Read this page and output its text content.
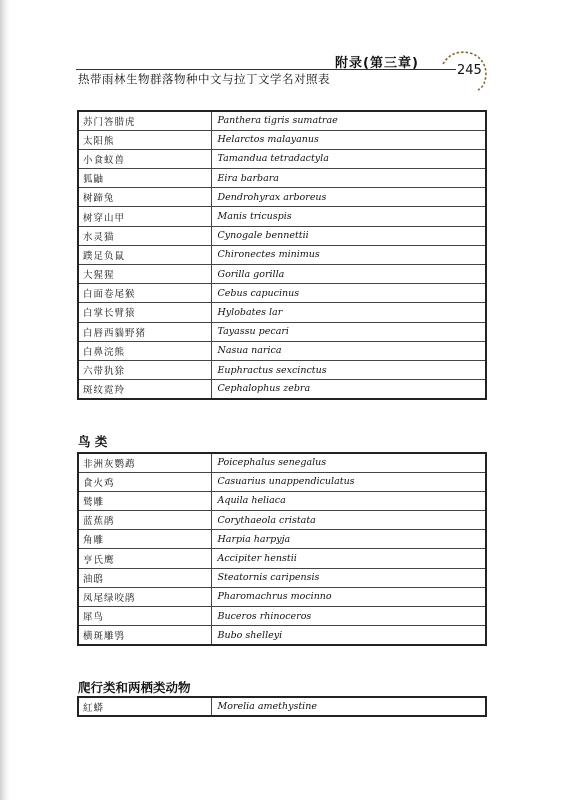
附录(第三章)
热带雨林生物群落物种中文与拉丁文学名对照表
245
苏门答腊虎	Panthera tigris sumatrae
太阳熊	Helarctos malayanus
小食蚁兽	Tamandua tetradactyla
狐鼬	Eira barbara
树蹄兔	Dendrohyrax arboreus
树穿山甲	Manis tricuspis
水灵猫	Cynogale bennettii
蹼足负鼠	Chironectes minimus
大猩猩	Gorilla gorilla
白面卷尾猴	Cebus capucinus
白掌长臂猿	Hylobates lar
白唇西貒野猪	Tayassu pecari
白鼻浣熊	Nasua narica
六带犰狳	Euphractus sexcinctus
斑纹霓羚	Cephalophus zebra
鸟 类
非洲灰鹦鹉	Poicephalus senegalus
食火鸡	Casuarius unappendiculatus
鹫雕	Aquila heliaca
蓝蕉鹃	Corythaeola cristata
角雕	Harpia harpyja
亨氏鹰	Accipiter henstii
油鸱	Steatornis caripensis
凤尾绿咬鹃	Pharomachrus mocinno
犀鸟	Buceros rhinoceros
横斑雕鸮	Bubo shelleyi
爬行类和两栖类动物
紅蟒	Morelia amethystine
